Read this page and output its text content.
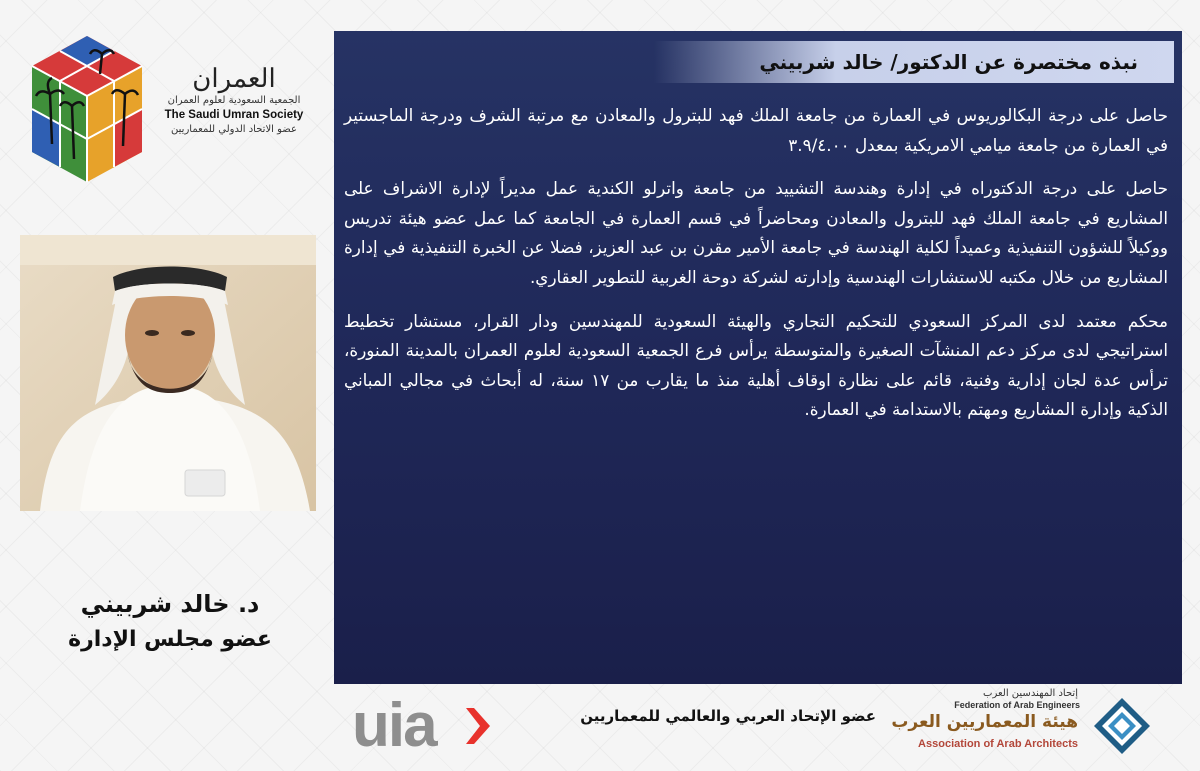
العمران
الجمعية السعودية لعلوم العمران
The Saudi Umran Society
عضو الاتحاد الدولي للمعماريين
د. خالد شربيني
عضو مجلس الإدارة
نبذه مختصرة عن الدكتور/ خالد شربيني

حاصل على درجة البكالوريوس في العمارة من جامعة الملك فهد للبترول والمعادن مع مرتبة الشرف ودرجة الماجستير في العمارة من جامعة ميامي الامريكية بمعدل ٣.٩/٤.٠٠

حاصل على درجة الدكتوراه في إدارة وهندسة التشييد من جامعة واترلو الكندية عمل مديراً لإدارة الاشراف على المشاريع في جامعة الملك فهد للبترول والمعادن ومحاضراً في قسم العمارة في الجامعة كما عمل عضو هيئة تدريس ووكيلاً للشؤون التنفيذية وعميداً لكلية الهندسة في جامعة الأمير مقرن بن عبد العزيز، فضلا عن الخبرة التنفيذية في إدارة المشاريع من خلال مكتبه للاستشارات الهندسية وإدارته لشركة دوحة الغربية للتطوير العقاري.

محكم معتمد لدى المركز السعودي للتحكيم التجاري والهيئة السعودية للمهندسين ودار القرار، مستشار تخطيط استراتيجي لدى مركز دعم المنشآت الصغيرة والمتوسطة يرأس فرع الجمعية السعودية لعلوم العمران بالمدينة المنورة، ترأس عدة لجان إدارية وفنية، قائم على نظارة اوقاف أهلية منذ ما يقارب من ١٧ سنة، له أبحاث في مجالي المباني الذكية وإدارة المشاريع ومهتم بالاستدامة في العمارة.

uia	عضو الإتحاد العربي والعالمي للمعماريين
إتحاد المهندسين العرب
Federation of Arab Engineers
هيئة المعماريين العرب
Association of Arab Architects
